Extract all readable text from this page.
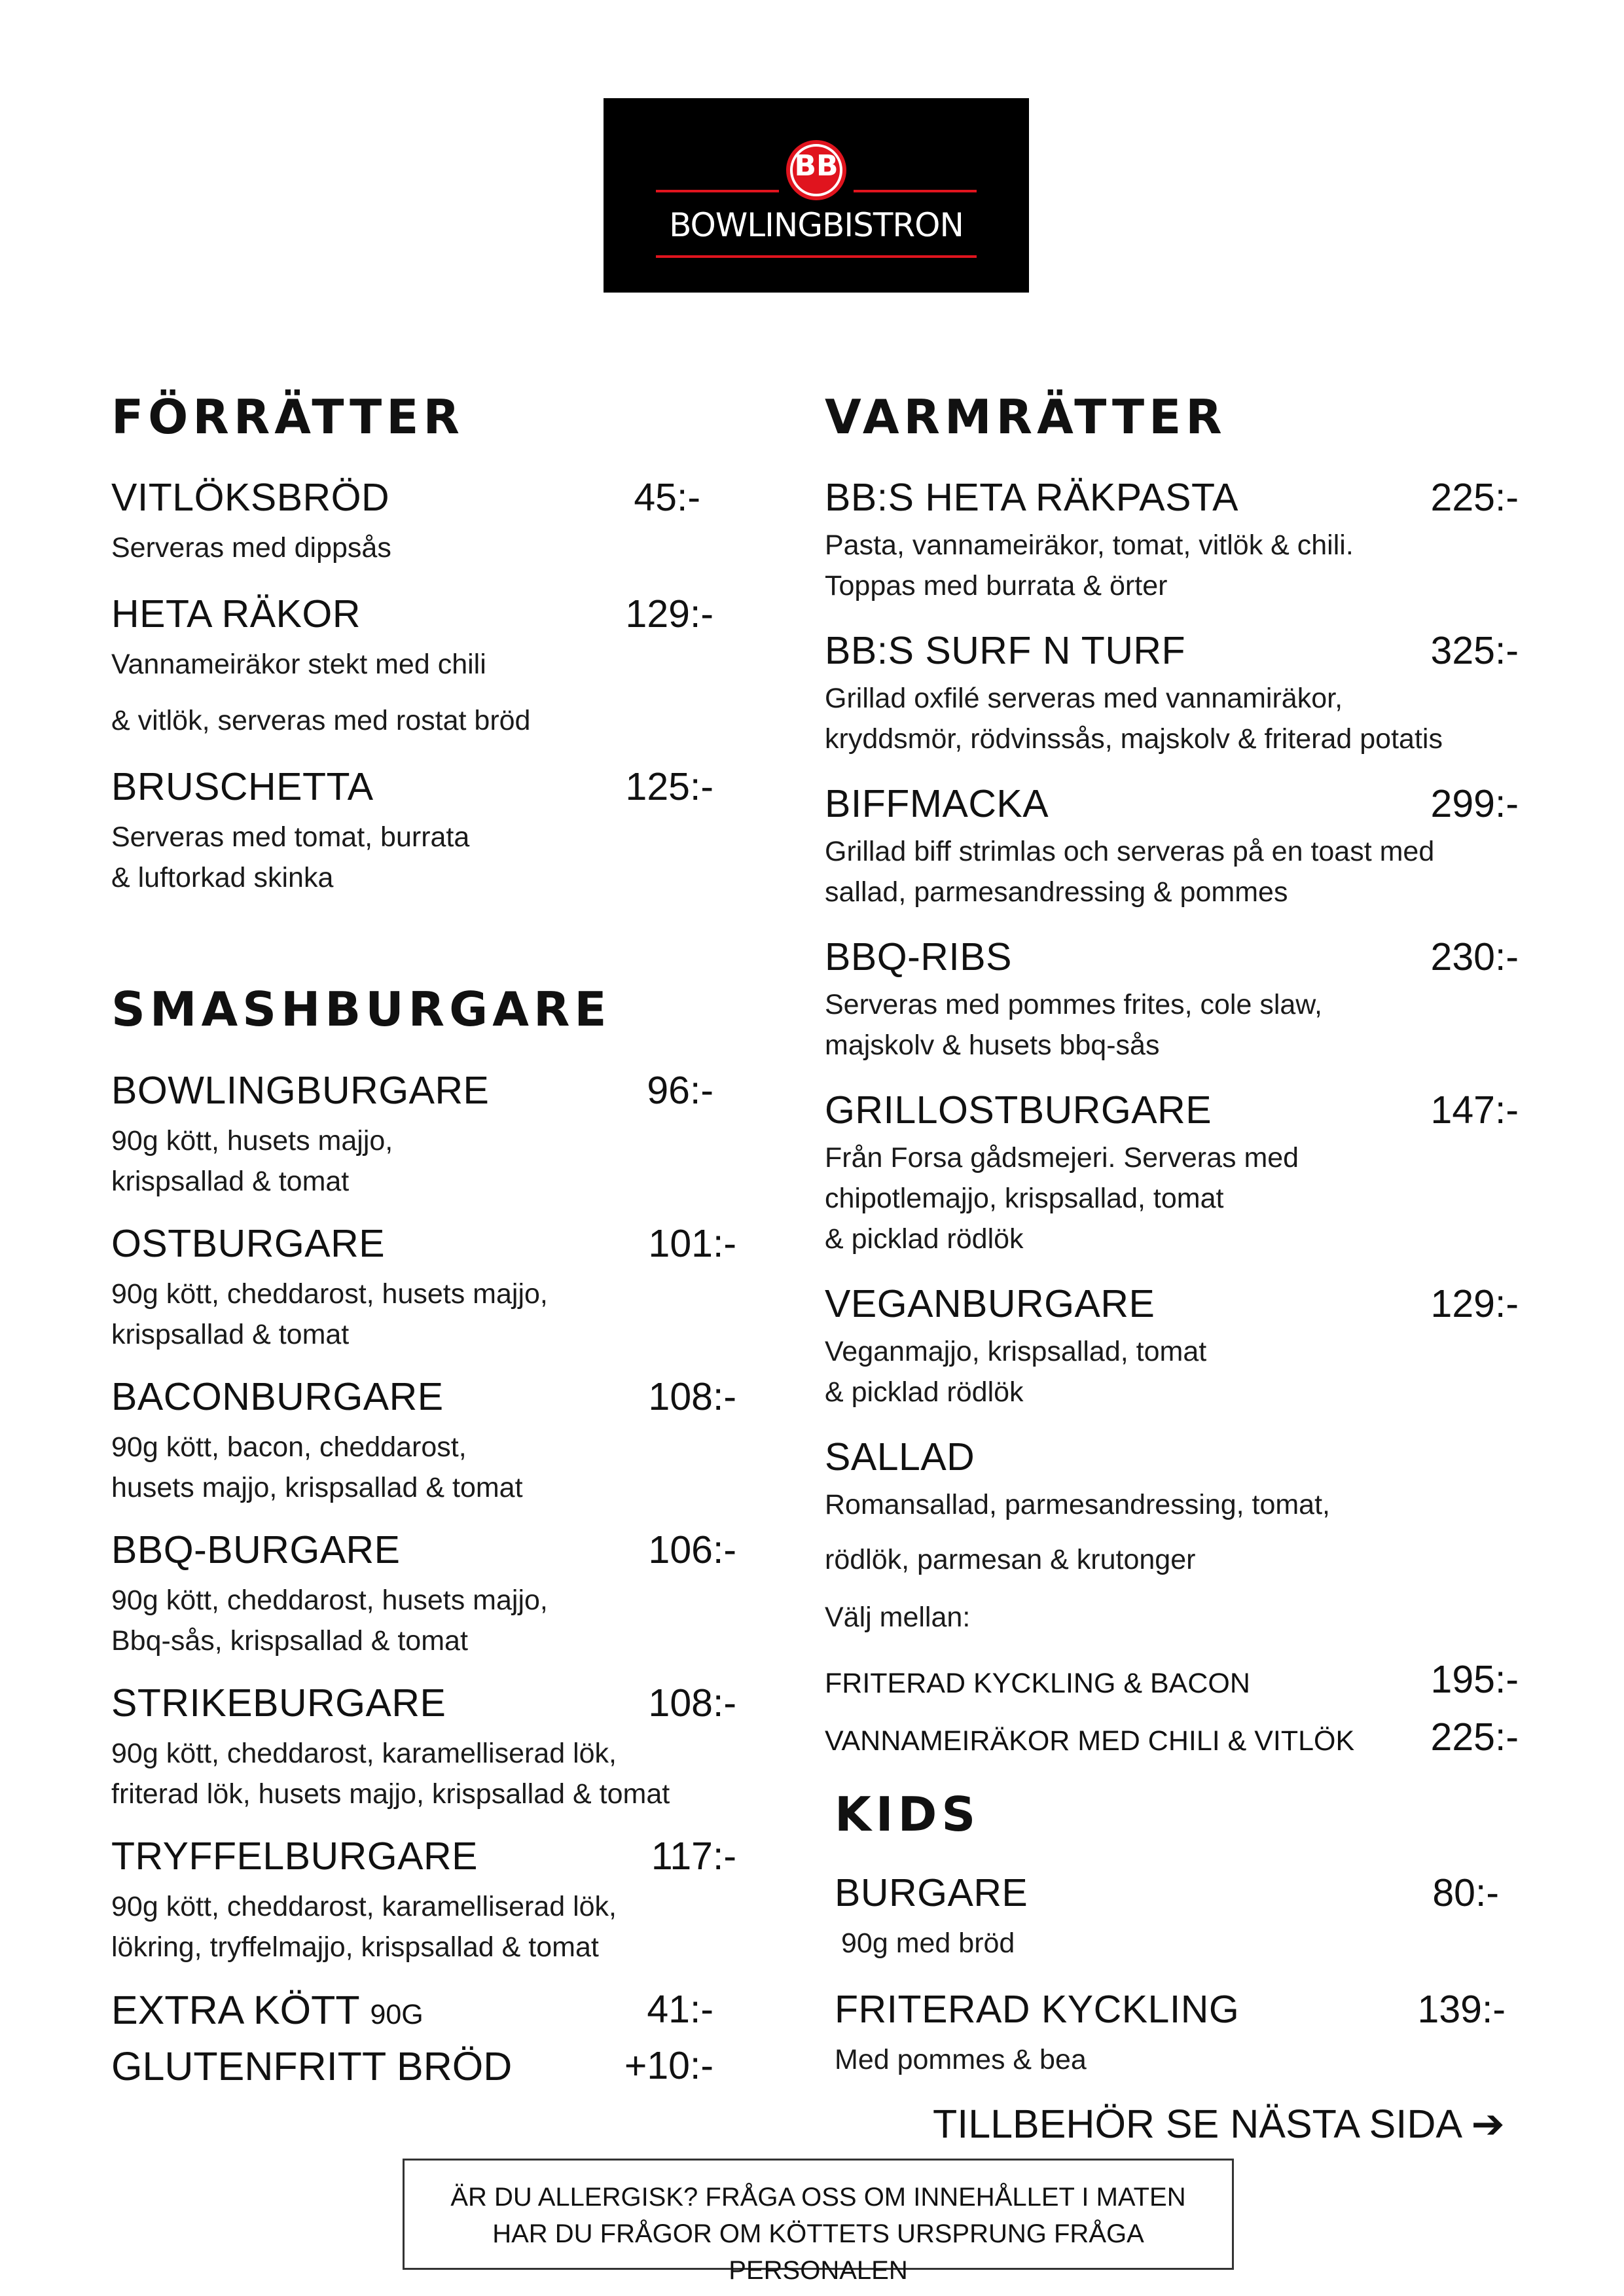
BB
BOWLINGBISTRON
FÖRRÄTTER
VITLÖKSBRÖD	45:-
Serveras med dippsås
HETA RÄKOR	129:-
Vannameiräkor stekt med chili
& vitlök, serveras med rostat bröd
BRUSCHETTA	125:-
Serveras med tomat, burrata
& luftorkad skinka
SMASHBURGARE
BOWLINGBURGARE	96:-
90g kött, husets majjo,
krispsallad & tomat
OSTBURGARE	101:-
90g kött, cheddarost, husets majjo,
krispsallad & tomat
BACONBURGARE	108:-
90g kött, bacon, cheddarost,
husets majjo, krispsallad & tomat
BBQ-BURGARE	106:-
90g kött, cheddarost, husets majjo,
Bbq-sås, krispsallad & tomat
STRIKEBURGARE	108:-
90g kött, cheddarost, karamelliserad lök,
friterad lök, husets majjo, krispsallad & tomat
TRYFFELBURGARE	117:-
90g kött, cheddarost, karamelliserad lök,
lökring, tryffelmajjo, krispsallad & tomat
EXTRA KÖTT 90G	41:-
GLUTENFRITT BRÖD	+10:-
VARMRÄTTER
BB:S HETA RÄKPASTA	225:-
Pasta, vannameiräkor, tomat, vitlök & chili.
Toppas med burrata & örter
BB:S SURF N TURF	325:-
Grillad oxfilé serveras med vannamiräkor,
kryddsmör, rödvinssås, majskolv & friterad potatis
BIFFMACKA	299:-
Grillad biff strimlas och serveras på en toast med
sallad, parmesandressing & pommes
BBQ-RIBS	230:-
Serveras med pommes frites, cole slaw,
majskolv & husets bbq-sås
GRILLOSTBURGARE	147:-
Från Forsa gådsmejeri. Serveras med
chipotlemajjo, krispsallad, tomat
& picklad rödlök
VEGANBURGARE	129:-
Veganmajjo, krispsallad, tomat
& picklad rödlök
SALLAD
Romansallad, parmesandressing, tomat,
rödlök, parmesan & krutonger
Välj mellan:
FRITERAD KYCKLING & BACON	195:-
VANNAMEIRÄKOR MED CHILI & VITLÖK	225:-
KIDS
BURGARE	80:-
90g med bröd
FRITERAD KYCKLING	139:-
Med pommes & bea
TILLBEHÖR SE NÄSTA SIDA ➔
ÄR DU ALLERGISK? FRÅGA OSS OM INNEHÅLLET I MATEN
HAR DU FRÅGOR OM KÖTTETS URSPRUNG FRÅGA PERSONALEN
